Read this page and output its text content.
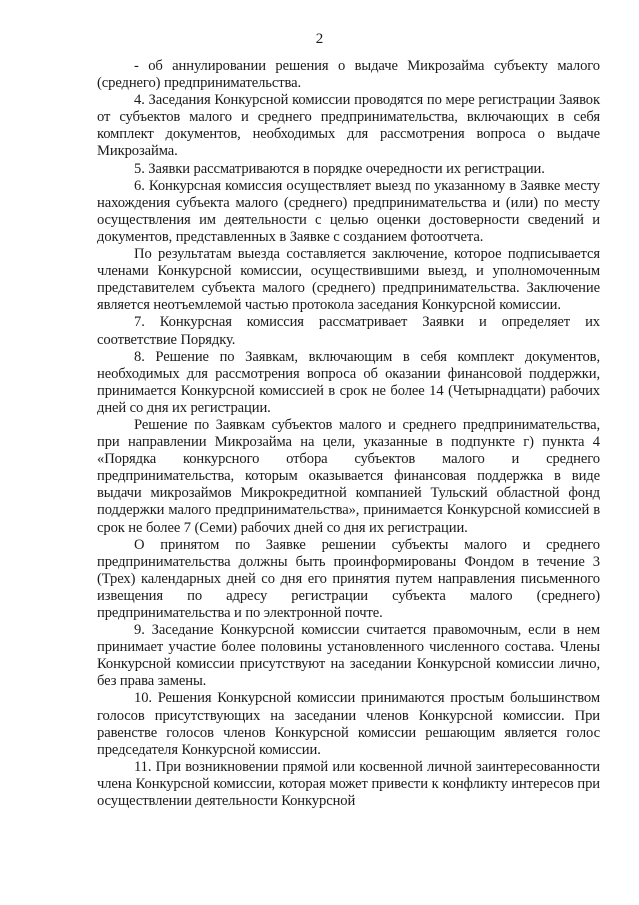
2

- об аннулировании решения о выдаче Микрозайма субъекту малого (среднего) предпринимательства.

4. Заседания Конкурсной комиссии проводятся по мере регистрации Заявок от субъектов малого и среднего предпринимательства, включающих в себя комплект документов, необходимых для рассмотрения вопроса о выдаче Микрозайма.

5. Заявки рассматриваются в порядке очередности их регистрации.

6. Конкурсная комиссия осуществляет выезд по указанному в Заявке месту нахождения субъекта малого (среднего) предпринимательства и (или) по месту осуществления им деятельности с целью оценки достоверности сведений и документов, представленных в Заявке с созданием фотоотчета.

По результатам выезда составляется заключение, которое подписывается членами Конкурсной комиссии, осуществившими выезд, и уполномоченным представителем субъекта малого (среднего) предпринимательства. Заключение является неотъемлемой частью протокола заседания Конкурсной комиссии.

7. Конкурсная комиссия рассматривает Заявки и определяет их соответствие Порядку.

8. Решение по Заявкам, включающим в себя комплект документов, необходимых для рассмотрения вопроса об оказании финансовой поддержки, принимается Конкурсной комиссией в срок не более 14 (Четырнадцати) рабочих дней со дня их регистрации.

Решение по Заявкам субъектов малого и среднего предпринимательства, при направлении Микрозайма на цели, указанные в подпункте г) пункта 4 «Порядка конкурсного отбора субъектов малого и среднего предпринимательства, которым оказывается финансовая поддержка в виде выдачи микрозаймов Микрокредитной компанией Тульский областной фонд поддержки малого предпринимательства», принимается Конкурсной комиссией в срок не более 7 (Семи) рабочих дней со дня их регистрации.

О принятом по Заявке решении субъекты малого и среднего предпринимательства должны быть проинформированы Фондом в течение 3 (Трех) календарных дней со дня его принятия путем направления письменного извещения по адресу регистрации субъекта малого (среднего) предпринимательства и по электронной почте.

9. Заседание Конкурсной комиссии считается правомочным, если в нем принимает участие более половины установленного численного состава. Члены Конкурсной комиссии присутствуют на заседании Конкурсной комиссии лично, без права замены.

10. Решения Конкурсной комиссии принимаются простым большинством голосов присутствующих на заседании членов Конкурсной комиссии. При равенстве голосов членов Конкурсной комиссии решающим является голос председателя Конкурсной комиссии.

11. При возникновении прямой или косвенной личной заинтересованности члена Конкурсной комиссии, которая может привести к конфликту интересов при осуществлении деятельности Конкурсной
